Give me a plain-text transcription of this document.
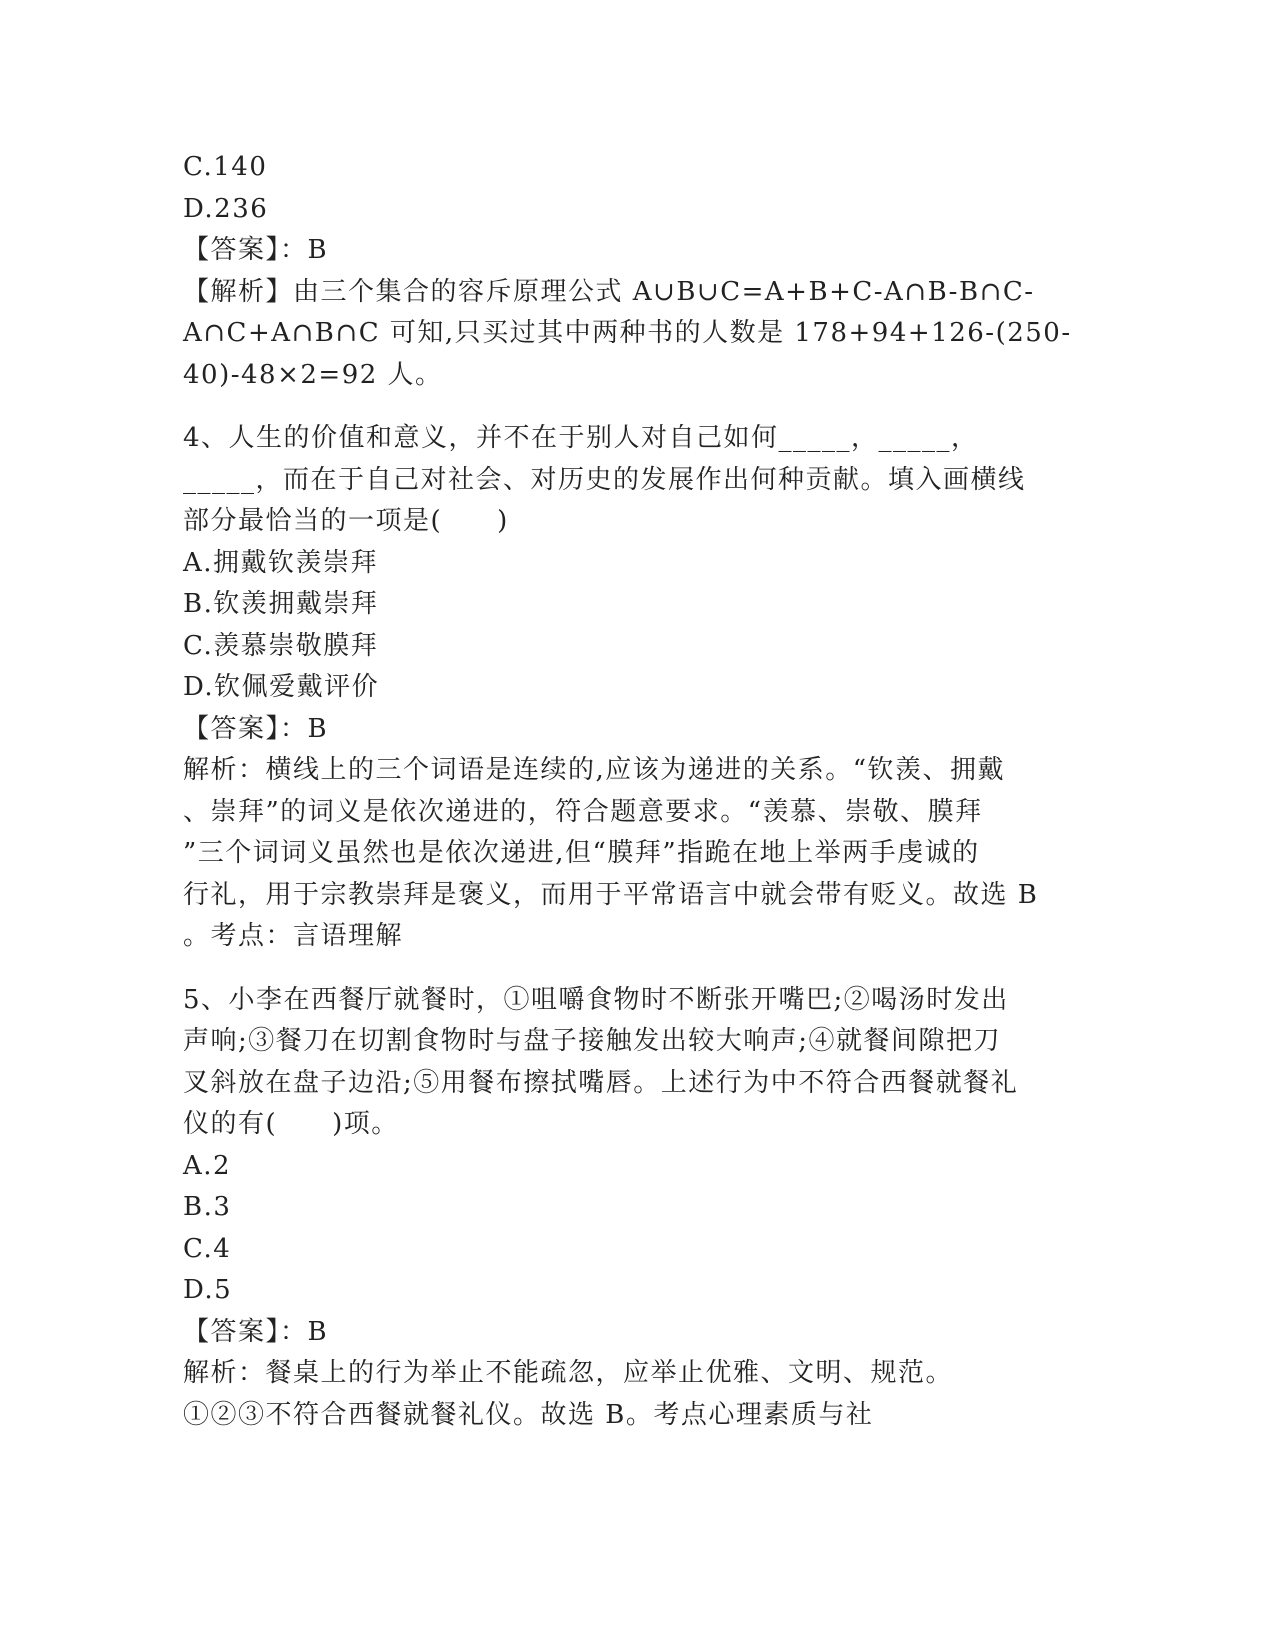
C.140
D.236
【答案】：B
【解析】由三个集合的容斥原理公式 A∪B∪C=A+B+C-A∩B-B∩C-
A∩C+A∩B∩C 可知,只买过其中两种书的人数是 178+94+126-(250-
40)-48×2=92 人。
4、人生的价值和意义，并不在于别人对自己如何_____，_____，
_____，而在于自己对社会、对历史的发展作出何种贡献。填入画横线
部分最恰当的一项是(　　)
A.拥戴钦羡崇拜
B.钦羡拥戴崇拜
C.羡慕崇敬膜拜
D.钦佩爱戴评价
【答案】：B
解析：横线上的三个词语是连续的,应该为递进的关系。“钦羡、拥戴
、崇拜”的词义是依次递进的，符合题意要求。“羡慕、崇敬、膜拜
”三个词词义虽然也是依次递进,但“膜拜”指跪在地上举两手虔诚的
行礼，用于宗教崇拜是褒义，而用于平常语言中就会带有贬义。故选 B
。考点：言语理解
5、小李在西餐厅就餐时，①咀嚼食物时不断张开嘴巴;②喝汤时发出
声响;③餐刀在切割食物时与盘子接触发出较大响声;④就餐间隙把刀
叉斜放在盘子边沿;⑤用餐布擦拭嘴唇。上述行为中不符合西餐就餐礼
仪的有(　　)项。
A.2
B.3
C.4
D.5
【答案】：B
解析：餐桌上的行为举止不能疏忽，应举止优雅、文明、规范。
①②③不符合西餐就餐礼仪。故选 B。考点心理素质与社
